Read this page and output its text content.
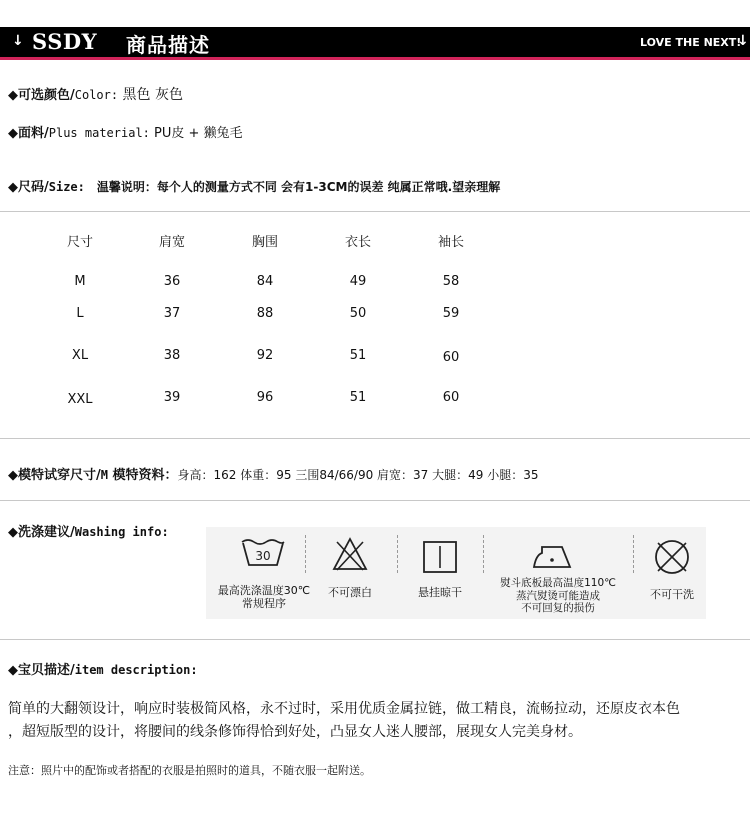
↓ SSDY 商品描述	LOVE THE NEXT!
↓
◆可选颜色/Color: 黑色 灰色
◆面料/Plus material: PU皮 + 獭兔毛
◆尺码/Size: 温馨说明：每个人的测量方式不同 会有1-3CM的误差 纯属正常哦.望亲理解
尺寸	肩宽	胸围	衣长	袖长
M	36	84	49	58
L	37	88	50	59
XL	38	92	51	60
XXL	39	96	51	60
◆模特试穿尺寸/M 模特资料：身高：162 体重：95 三围84/66/90 肩宽：37 大腿：49 小腿：35
◆洗涤建议/Washing info:
30
最高洗涤温度30℃
常规程序
不可漂白	悬挂晾干
熨斗底板最高温度110℃
蒸汽熨烫可能造成
不可回复的损伤
不可干洗
◆宝贝描述/item description:
简单的大翻领设计，响应时装极简风格，永不过时，采用优质金属拉链，做工精良，流畅拉动，还原皮衣本色
，超短版型的设计，将腰间的线条修饰得恰到好处，凸显女人迷人腰部，展现女人完美身材。
注意：照片中的配饰或者搭配的衣服是拍照时的道具，不随衣服一起附送。
